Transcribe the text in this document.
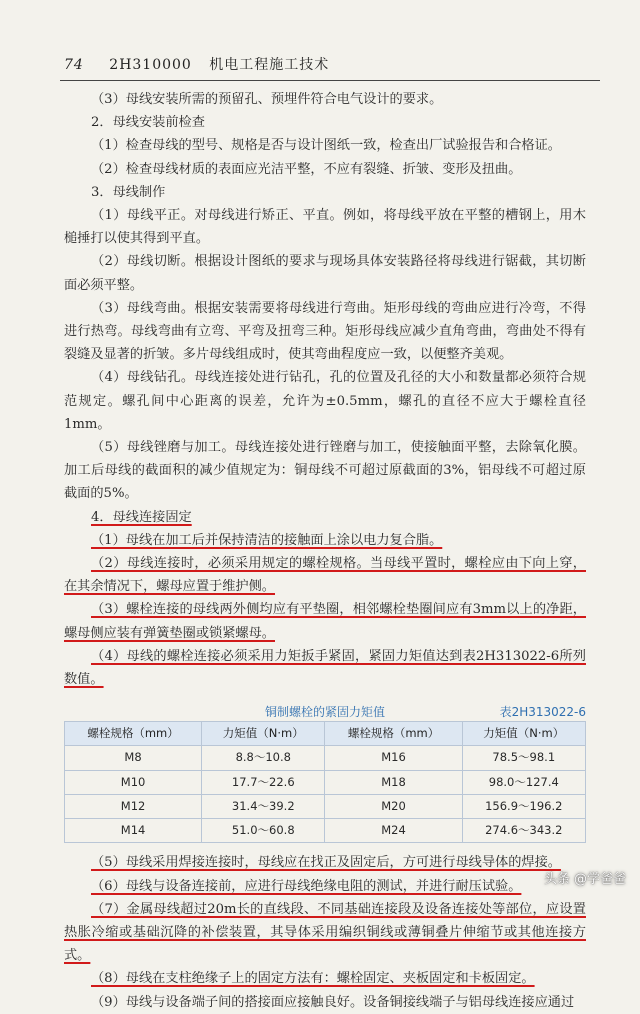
74 2H310000 机电工程施工技术

（3）母线安装所需的预留孔、预埋件符合电气设计的要求。

2．母线安装前检查

（1）检查母线的型号、规格是否与设计图纸一致，检查出厂试验报告和合格证。

（2）检查母线材质的表面应光洁平整，不应有裂缝、折皱、变形及扭曲。

3．母线制作

（1）母线平正。对母线进行矫正、平直。例如，将母线平放在平整的槽钢上，用木槌捶打以使其得到平直。

（2）母线切断。根据设计图纸的要求与现场具体安装路径将母线进行锯截，其切断面必须平整。

（3）母线弯曲。根据安装需要将母线进行弯曲。矩形母线的弯曲应进行冷弯，不得进行热弯。母线弯曲有立弯、平弯及扭弯三种。矩形母线应减少直角弯曲，弯曲处不得有裂缝及显著的折皱。多片母线组成时，使其弯曲程度应一致，以便整齐美观。

（4）母线钻孔。母线连接处进行钻孔，孔的位置及孔径的大小和数量都必须符合规范规定。螺孔间中心距离的误差，允许为±0.5mm，螺孔的直径不应大于螺栓直径1mm。

（5）母线锉磨与加工。母线连接处进行锉磨与加工，使接触面平整，去除氧化膜。加工后母线的截面积的减少值规定为：铜母线不可超过原截面的3%，铝母线不可超过原截面的5%。

4．母线连接固定

（1）母线在加工后并保持清洁的接触面上涂以电力复合脂。

（2）母线连接时，必须采用规定的螺栓规格。当母线平置时，螺栓应由下向上穿，在其余情况下，螺母应置于维护侧。

（3）螺栓连接的母线两外侧均应有平垫圈，相邻螺栓垫圈间应有3mm以上的净距，螺母侧应装有弹簧垫圈或锁紧螺母。

（4）母线的螺栓连接必须采用力矩扳手紧固，紧固力矩值达到表2H313022-6所列数值。

铜制螺栓的紧固力矩值	表2H313022-6
螺栓规格（mm）	力矩值（N·m）	螺栓规格（mm）	力矩值（N·m）
M8	8.8～10.8	M16	78.5～98.1
M10	17.7～22.6	M18	98.0～127.4
M12	31.4～39.2	M20	156.9～196.2
M14	51.0～60.8	M24	274.6～343.2

（5）母线采用焊接连接时，母线应在找正及固定后，方可进行母线导体的焊接。

（6）母线与设备连接前，应进行母线绝缘电阻的测试，并进行耐压试验。

（7）金属母线超过20m长的直线段、不同基础连接段及设备连接处等部位，应设置热胀冷缩或基础沉降的补偿装置，其导体采用编织铜线或薄铜叠片伸缩节或其他连接方式。

（8）母线在支柱绝缘子上的固定方法有：螺栓固定、夹板固定和卡板固定。

（9）母线与设备端子间的搭接面应接触良好。设备铜接线端子与铝母线连接应通过

头条 @学爸爸
